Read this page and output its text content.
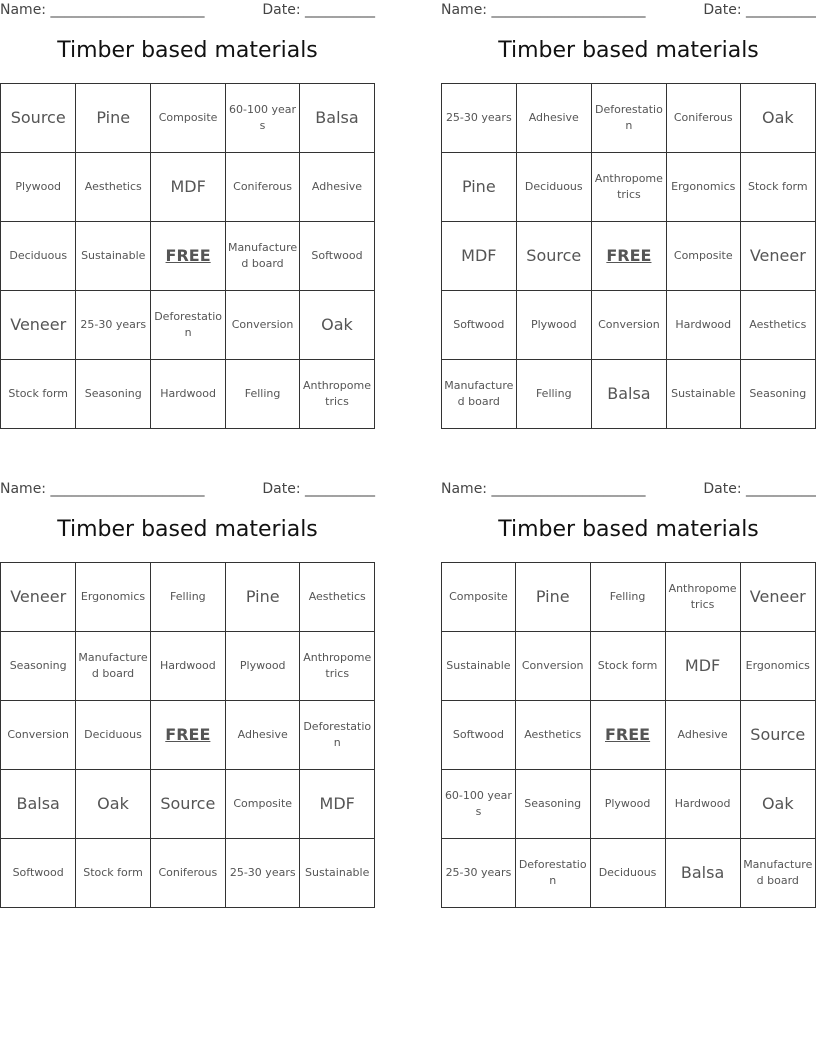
Name: ______________________	Date: __________
Timber based materials
Source	Pine	Composite	60-100 years	Balsa
Plywood	Aesthetics	MDF	Coniferous	Adhesive
Deciduous	Sustainable	FREE	Manufactured board	Softwood
Veneer	25-30 years	Deforestation	Conversion	Oak
Stock form	Seasoning	Hardwood	Felling	Anthropometrics
Name: ______________________	Date: __________
Timber based materials
25-30 years	Adhesive	Deforestation	Coniferous	Oak
Pine	Deciduous	Anthropometrics	Ergonomics	Stock form
MDF	Source	FREE	Composite	Veneer
Softwood	Plywood	Conversion	Hardwood	Aesthetics
Manufactured board	Felling	Balsa	Sustainable	Seasoning
Name: ______________________	Date: __________
Timber based materials
Veneer	Ergonomics	Felling	Pine	Aesthetics
Seasoning	Manufactured board	Hardwood	Plywood	Anthropometrics
Conversion	Deciduous	FREE	Adhesive	Deforestation
Balsa	Oak	Source	Composite	MDF
Softwood	Stock form	Coniferous	25-30 years	Sustainable
Name: ______________________	Date: __________
Timber based materials
Composite	Pine	Felling	Anthropometrics	Veneer
Sustainable	Conversion	Stock form	MDF	Ergonomics
Softwood	Aesthetics	FREE	Adhesive	Source
60-100 years	Seasoning	Plywood	Hardwood	Oak
25-30 years	Deforestation	Deciduous	Balsa	Manufactured board
